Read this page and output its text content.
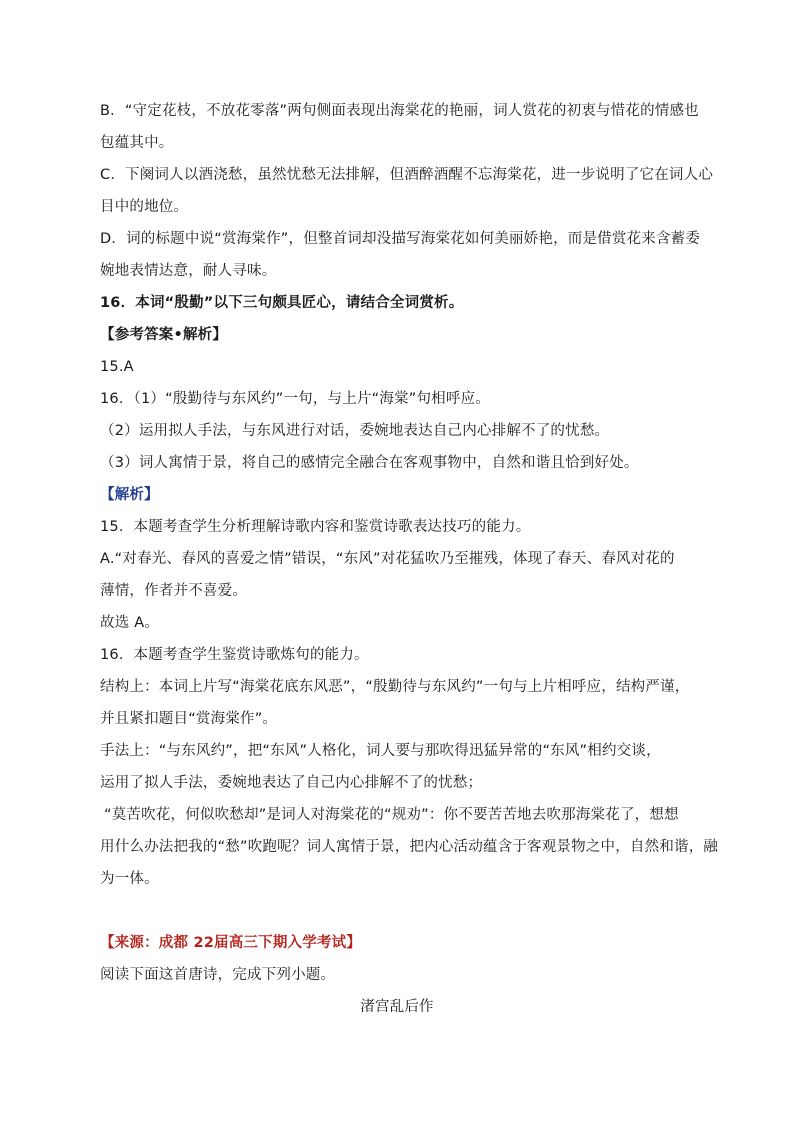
B．“守定花枝，不放花零落”两句侧面表现出海棠花的艳丽，词人赏花的初衷与惜花的情感也
包蕴其中。
C．下阕词人以酒浇愁，虽然忧愁无法排解，但酒醉酒醒不忘海棠花，进一步说明了它在词人心
目中的地位。
D．词的标题中说“赏海棠作”，但整首词却没描写海棠花如何美丽娇艳，而是借赏花来含蓄委
婉地表情达意，耐人寻味。
16．本词“殷勤”以下三句颇具匠心，请结合全词赏析。
【参考答案•解析】
15.A
16．（1）“殷勤待与东风约”一句，与上片“海棠”句相呼应。
（2）运用拟人手法，与东风进行对话，委婉地表达自己内心排解不了的忧愁。
（3）词人寓情于景，将自己的感情完全融合在客观事物中，自然和谐且恰到好处。
【解析】
15．本题考查学生分析理解诗歌内容和鉴赏诗歌表达技巧的能力。
A.“对春光、春风的喜爱之情”错误，“东风”对花猛吹乃至摧残，体现了春天、春风对花的
薄情，作者并不喜爱。
故选 A。
16．本题考查学生鉴赏诗歌炼句的能力。
结构上：本词上片写“海棠花底东风恶”，“殷勤待与东风约”一句与上片相呼应，结构严谨，
并且紧扣题目“赏海棠作”。
手法上：“与东风约”，把“东风”人格化，词人要与那吹得迅猛异常的“东风”相约交谈，
运用了拟人手法，委婉地表达了自己内心排解不了的忧愁；
“莫苦吹花，何似吹愁却”是词人对海棠花的“规劝”：你不要苦苦地去吹那海棠花了，想想
用什么办法把我的“愁”吹跑呢？词人寓情于景，把内心活动蕴含于客观景物之中，自然和谐，融
为一体。
【来源：成都 22届高三下期入学考试】
阅读下面这首唐诗，完成下列小题。
渚宫乱后作
